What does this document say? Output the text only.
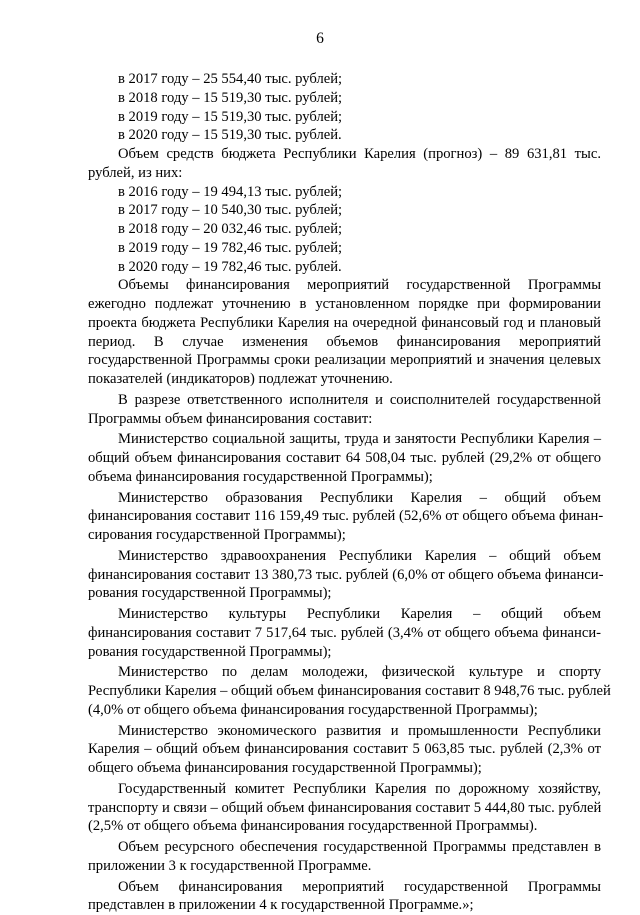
6
в 2017 году – 25 554,40 тыс. рублей;
в 2018 году – 15 519,30 тыс. рублей;
в 2019 году – 15 519,30 тыс. рублей;
в 2020 году – 15 519,30 тыс. рублей.
Объем средств бюджета Республики Карелия (прогноз) – 89 631,81 тыс.
рублей, из них:
в 2016 году – 19 494,13 тыс. рублей;
в 2017 году – 10 540,30 тыс. рублей;
в 2018 году – 20 032,46 тыс. рублей;
в 2019 году – 19 782,46 тыс. рублей;
в 2020 году – 19 782,46 тыс. рублей.
Объемы финансирования мероприятий государственной Программы
ежегодно подлежат уточнению в установленном порядке при формировании
проекта бюджета Республики Карелия на очередной финансовый год и плановый
период. В случае изменения объемов финансирования мероприятий
государственной Программы сроки реализации мероприятий и значения целевых
показателей (индикаторов) подлежат уточнению.
В разрезе ответственного исполнителя и соисполнителей государственной
Программы объем финансирования составит:
Министерство социальной защиты, труда и занятости Республики Карелия –
общий объем финансирования составит 64 508,04 тыс. рублей (29,2% от общего
объема финансирования государственной Программы);
Министерство образования Республики Карелия – общий объем
финансирования составит 116 159,49 тыс. рублей (52,6% от общего объема финан-
сирования государственной Программы);
Министерство здравоохранения Республики Карелия – общий объем
финансирования составит 13 380,73 тыс. рублей (6,0% от общего объема финанси-
рования государственной Программы);
Министерство культуры Республики Карелия – общий объем
финансирования составит 7 517,64 тыс. рублей (3,4% от общего объема финанси-
рования государственной Программы);
Министерство по делам молодежи, физической культуре и спорту
Республики Карелия – общий объем финансирования составит 8 948,76 тыс. рублей
(4,0% от общего объема финансирования государственной Программы);
Министерство экономического развития и промышленности Республики
Карелия – общий объем финансирования составит 5 063,85 тыс. рублей (2,3% от
общего объема финансирования государственной Программы);
Государственный комитет Республики Карелия по дорожному хозяйству,
транспорту и связи – общий объем финансирования составит 5 444,80 тыс. рублей
(2,5% от общего объема финансирования государственной Программы).
Объем ресурсного обеспечения государственной Программы представлен в
приложении 3 к государственной Программе.
Объем финансирования мероприятий государственной Программы
представлен в приложении 4 к государственной Программе.»;
